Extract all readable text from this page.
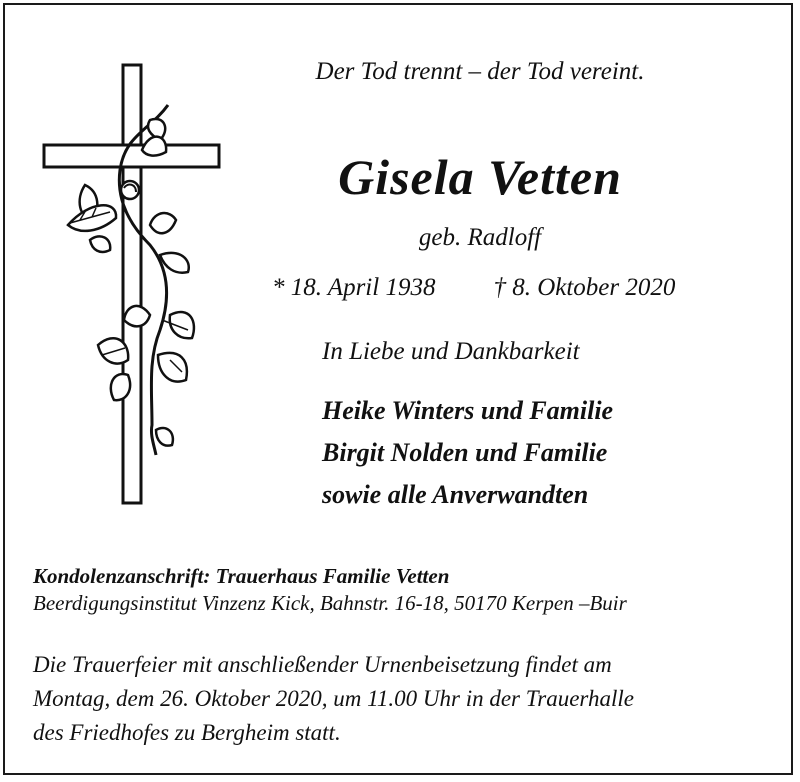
Der Tod trennt – der Tod vereint.
Gisela Vetten
geb. Radloff
* 18. April 1938 † 8. Oktober 2020
In Liebe und Dankbarkeit
Heike Winters und Familie
Birgit Nolden und Familie
sowie alle Anverwandten
Kondolenzanschrift: Trauerhaus Familie Vetten
Beerdigungsinstitut Vinzenz Kick, Bahnstr. 16-18, 50170 Kerpen –Buir
Die Trauerfeier mit anschließender Urnenbeisetzung findet am
Montag, dem 26. Oktober 2020, um 11.00 Uhr in der Trauerhalle
des Friedhofes zu Bergheim statt.
